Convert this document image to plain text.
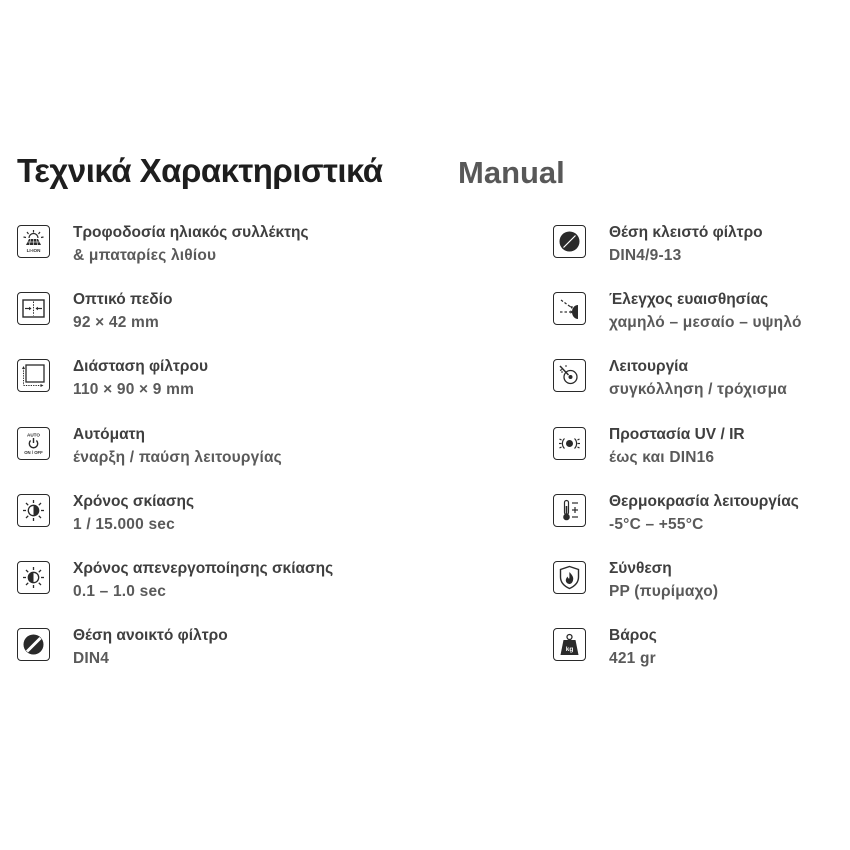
Τεχνικά Χαρακτηριστικά Manual
LI-ION
Τροφοδοσία ηλιακός συλλέκτης
& μπαταρίες λιθίου
Οπτικό πεδίο
92 × 42 mm
Διάσταση φίλτρου
110 × 90 × 9 mm
AUTO
ON / OFF
Αυτόματη
έναρξη / παύση λειτουργίας
Χρόνος σκίασης
1 / 15.000 sec
Χρόνος απενεργοποίησης σκίασης
0.1 – 1.0 sec
Θέση ανοικτό φίλτρο
DIN4
Θέση κλειστό φίλτρο
DIN4/9-13
Έλεγχος ευαισθησίας
χαμηλό – μεσαίο – υψηλό
Λειτουργία
συγκόλληση / τρόχισμα
Προστασία UV / IR
έως και DIN16
Θερμοκρασία λειτουργίας
-5°C – +55°C
Σύνθεση
PP (πυρίμαχο)
kg
Βάρος
421 gr
